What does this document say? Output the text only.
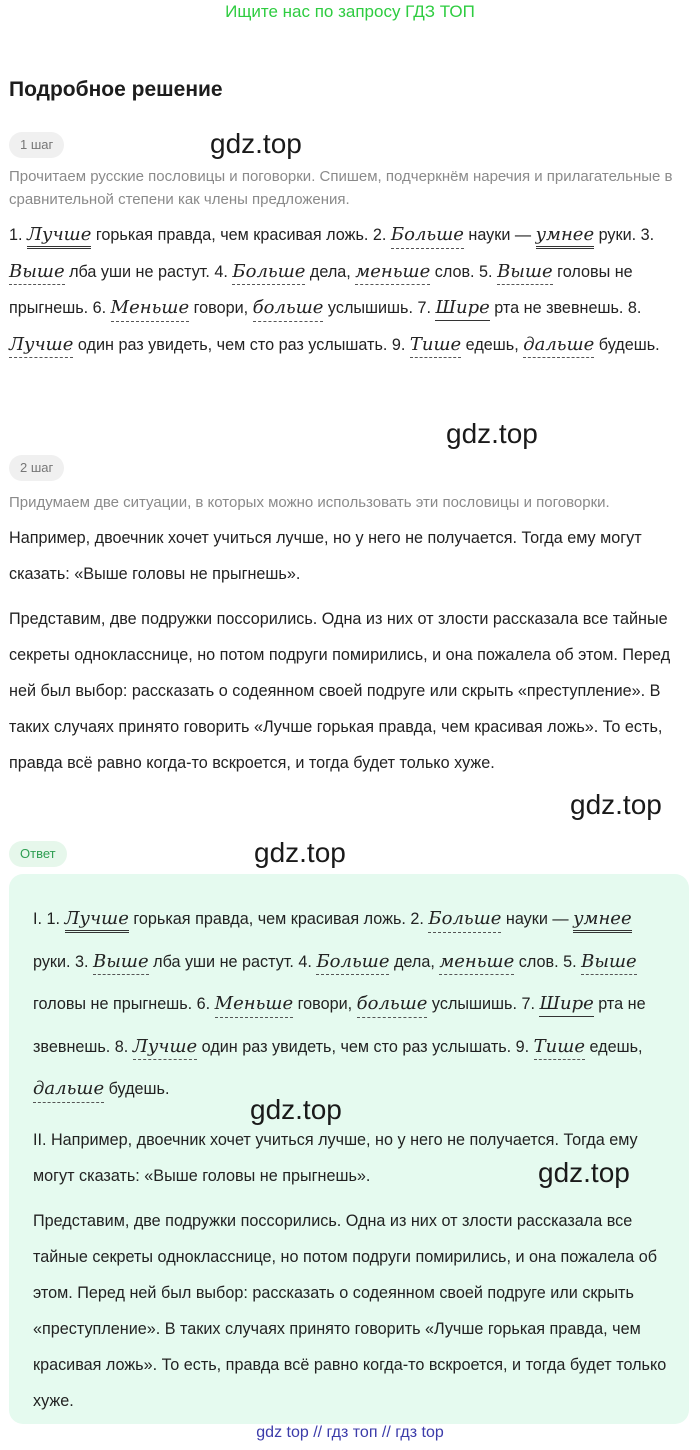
Ищите нас по запросу ГДЗ ТОП
Подробное решение
1 шаг	gdz.top
Прочитаем русские пословицы и поговорки. Спишем, подчеркнём наречия и прилагательные в сравнительной степени как члены предложения.
1. Лучше горькая правда, чем красивая ложь. 2. Больше науки — умнее руки. 3. Выше лба уши не растут. 4. Больше дела, меньше слов. 5. Выше головы не прыгнешь. 6. Меньше говори, больше услышишь. 7. Шире рта не звевнешь. 8. Лучше один раз увидеть, чем сто раз услышать. 9. Тише едешь, дальше будешь.
gdz.top
2 шаг
Придумаем две ситуации, в которых можно использовать эти пословицы и поговорки.
Например, двоечник хочет учиться лучше, но у него не получается. Тогда ему могут сказать: «Выше головы не прыгнешь».
Представим, две подружки поссорились. Одна из них от злости рассказала все тайные секреты однокласснице, но потом подруги помирились, и она пожалела об этом. Перед ней был выбор: рассказать о содеянном своей подруге или скрыть «преступление». В таких случаях принято говорить «Лучше горькая правда, чем красивая ложь». То есть, правда всё равно когда-то вскроется, и тогда будет только хуже.
gdz.top
Ответ	gdz.top
I. 1. Лучше горькая правда, чем красивая ложь. 2. Больше науки — умнее руки. 3. Выше лба уши не растут. 4. Больше дела, меньше слов. 5. Выше головы не прыгнешь. 6. Меньше говори, больше услышишь. 7. Шире рта не звевнешь. 8. Лучше один раз увидеть, чем сто раз услышать. 9. Тише едешь, дальше будешь.
gdz.top
II. Например, двоечник хочет учиться лучше, но у него не получается. Тогда ему могут сказать: «Выше головы не прыгнешь».	gdz.top
Представим, две подружки поссорились. Одна из них от злости рассказала все тайные секреты однокласснице, но потом подруги помирились, и она пожалела об этом. Перед ней был выбор: рассказать о содеянном своей подруге или скрыть «преступление». В таких случаях принято говорить «Лучше горькая правда, чем красивая ложь». То есть, правда всё равно когда-то вскроется, и тогда будет только хуже.
gdz top // гдз топ // гдз top
